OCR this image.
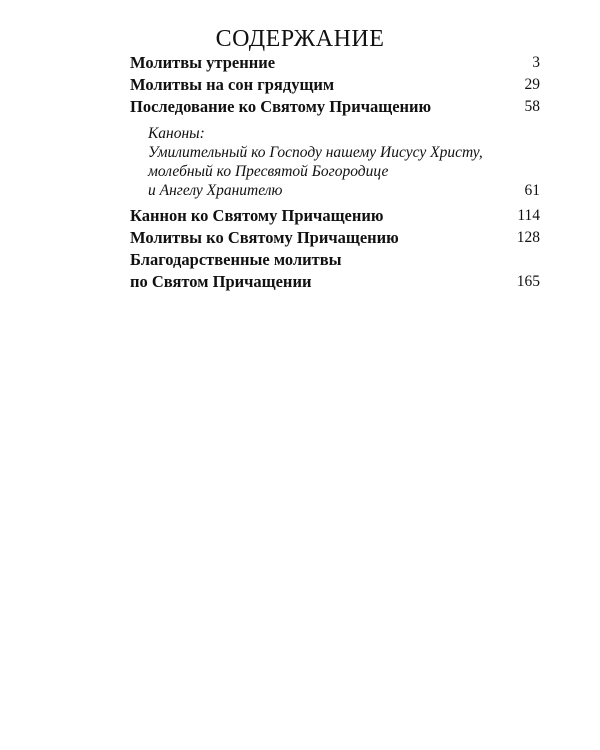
СОДЕРЖАНИЕ
Молитвы утренние	3
Молитвы на сон грядущим	29
Последование ко Святому Причащению	58
Каноны:
Умилительный ко Господу нашему Иисусу Христу,
молебный ко Пресвятой Богородице
и Ангелу Хранителю	61
Каннон ко Святому Причащению	114
Молитвы ко Святому Причащению	128
Благодарственные молитвы
по Святом Причащении	165
